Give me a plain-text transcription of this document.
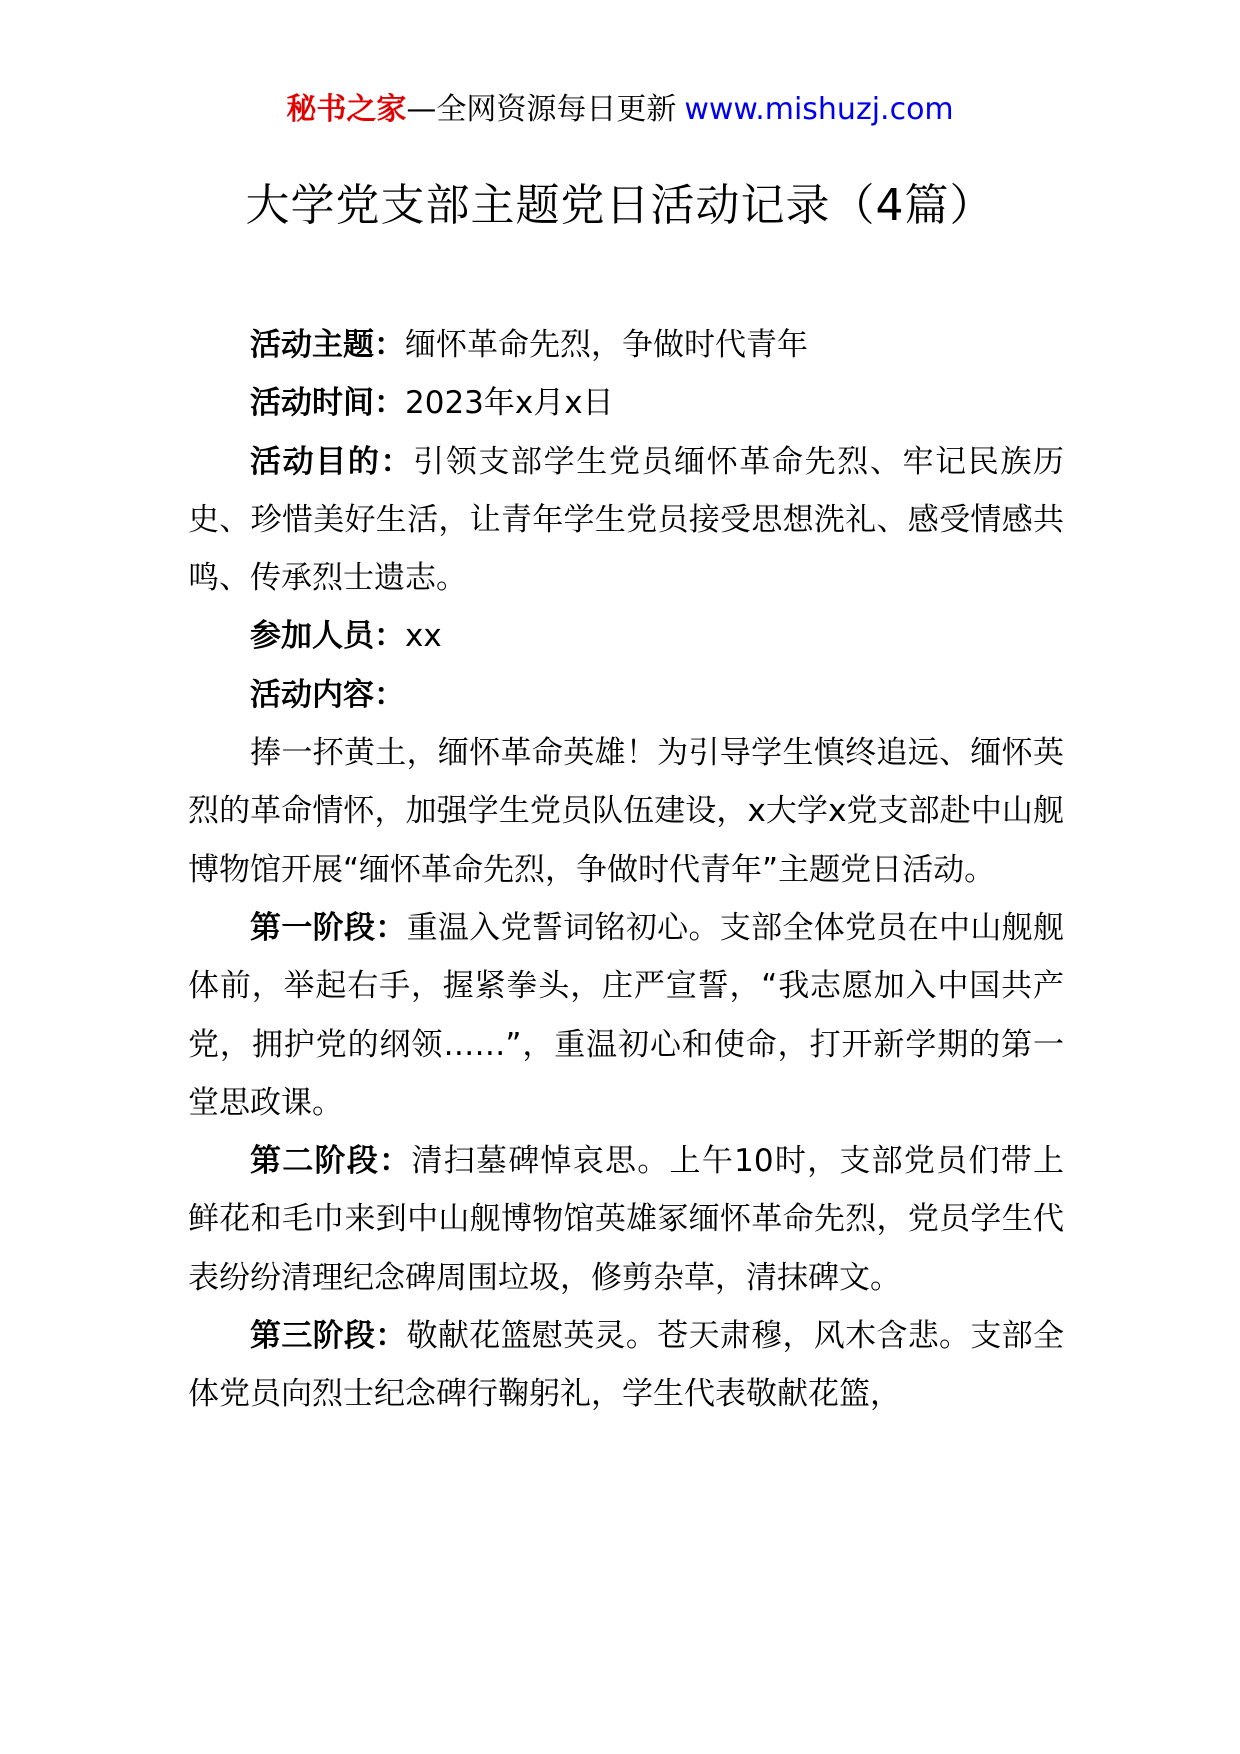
秘书之家—全网资源每日更新 www.mishuzj.com
大学党支部主题党日活动记录（4篇）

活动主题：缅怀革命先烈，争做时代青年

活动时间：2023年x月x日

活动目的：引领支部学生党员缅怀革命先烈、牢记民族历史、珍惜美好生活，让青年学生党员接受思想洗礼、感受情感共鸣、传承烈士遗志。

参加人员：xx

活动内容：

捧一抔黄土，缅怀革命英雄！为引导学生慎终追远、缅怀英烈的革命情怀，加强学生党员队伍建设，x大学x党支部赴中山舰博物馆开展“缅怀革命先烈，争做时代青年”主题党日活动。

第一阶段：重温入党誓词铭初心。支部全体党员在中山舰舰体前，举起右手，握紧拳头，庄严宣誓，“我志愿加入中国共产党，拥护党的纲领……”，重温初心和使命，打开新学期的第一堂思政课。

第二阶段：清扫墓碑悼哀思。上午10时，支部党员们带上鲜花和毛巾来到中山舰博物馆英雄冢缅怀革命先烈，党员学生代表纷纷清理纪念碑周围垃圾，修剪杂草，清抹碑文。

第三阶段：敬献花篮慰英灵。苍天肃穆，风木含悲。支部全体党员向烈士纪念碑行鞠躬礼，学生代表敬献花篮，
